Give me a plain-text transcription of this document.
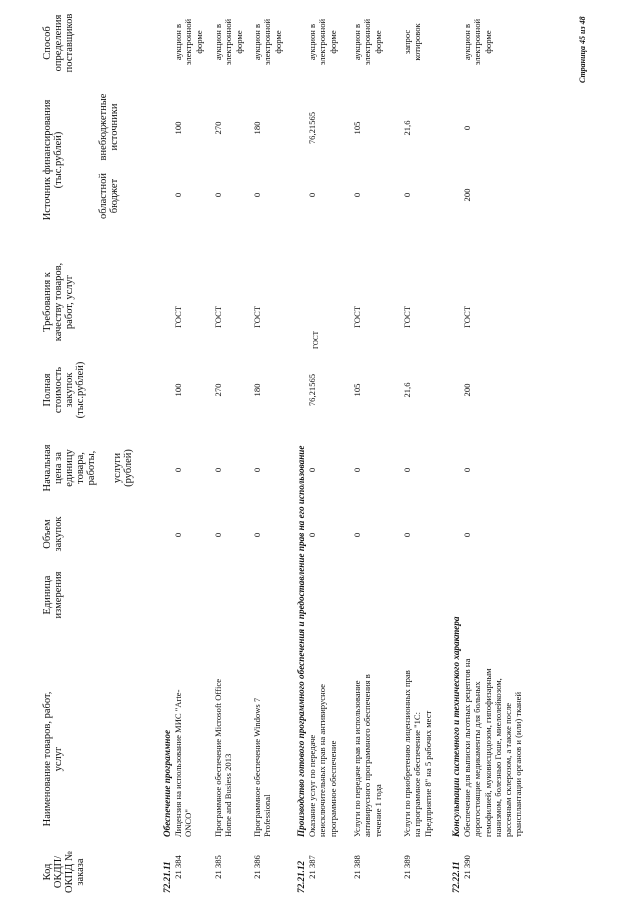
Код ОКДП/ ОКПД № заказа
Наименование товаров, работ, услуг
Единица измерения
Объем закупок
Начальная цена за единицу товара, работы, услуги (рублей)
Полная стоимость закупок (тыс.рублей)
Требования к качеству товаров, работ, услуг
Источник финансирования (тыс.рублей)
областной бюджет
внебюджетные источники
Способ определения поставщиков
72.21.11
Обеспечение программное
21 384
Лицензия на использование МИС "Arte-ONCO"
0
0
100
ГОСТ
0
100
аукцион в электронной форме
21 385
Программное обеспечение Microsoft Office Home and Busiess 2013
0
0
270
ГОСТ
0
270
аукцион в электронной форме
21 386
Программное обеспечение Windows 7 Professional
0
0
180
ГОСТ
0
180
аукцион в электронной форме
72.21.12
Производство готового программного обеспечения и предоставление прав на его использование
21 387
Оказание услуг по передаче неисключительных прав на антивирусное программное обеспечение
0
0
76,21565
ГОСТ
0
76,21565
аукцион в электронной форме
21 388
Услуги по передаче прав на использование антивирусного программного обеспечения в течение 1 года
0
0
105
ГОСТ
0
105
аукцион в электронной форме
21 389
Услуги по приобретению лицензионных прав на программное обеспечение "1С: Предприятие 8" на 5 рабочих мест
0
0
21,6
ГОСТ
0
21,6
запрос котировок
72.22.11
Консультации системного и технического характера
21 390
Обеспечение для выписки льготных рецептов на дорогостоящие медикаменты для больных гемофилией, муковисцидозом, гипофизарным нанизмом, болезнью Гоше, миелолейкозом, рассеяным склерозом, а также после трансплантации органов и (или) тканей
0
0
200
ГОСТ
200
0
аукцион в электронной форме	Страница 45 из 48
